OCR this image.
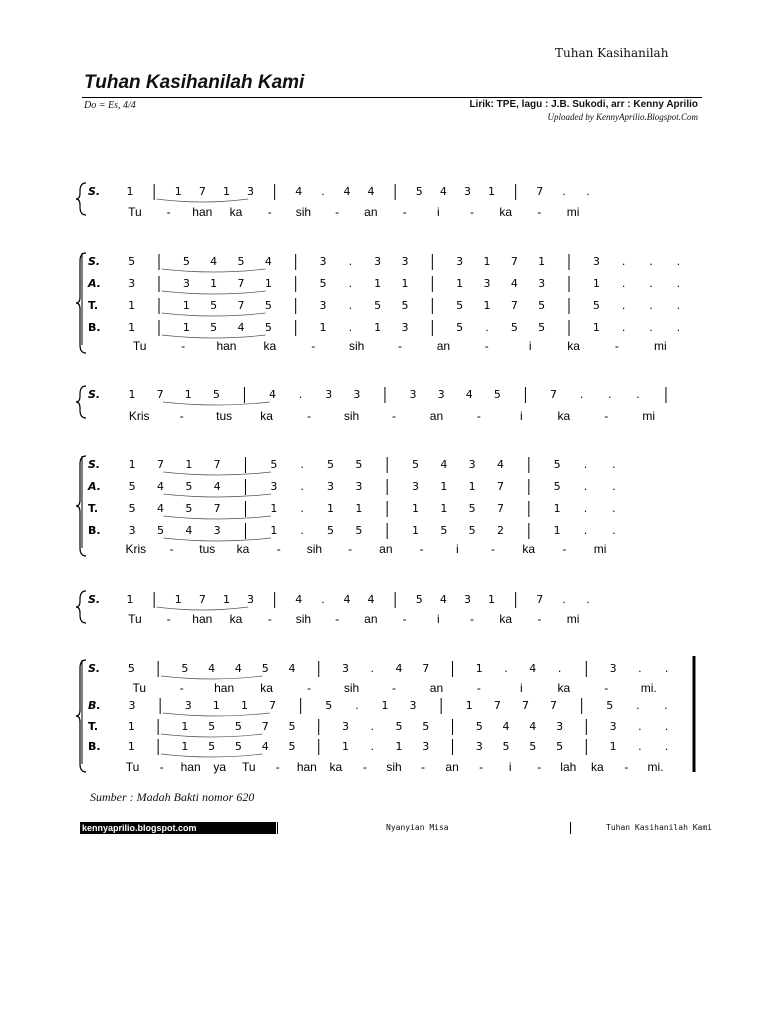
Tuhan Kasihanilah
Tuhan Kasihanilah Kami
Do = Es, 4/4	Lirik: TPE, lagu : J.B. Sukodi, arr : Kenny Aprilio
Uploaded by KennyAprilio.Blogspot.Com
S. 1	1 7 1 3	4 . 4 4	5 4 3 1	7 . .
Tu - han ka - sih - an -	i	- ka - mi
S.	5	5 4 5 4	3 . 3 3	3 1 7 1	3 . . .
A. 3	3 1 7 1	5 . 1 1	1 3 4 3	1 . . .
T.	1	1 5 7 5	3 . 5 5	5 1 7 5	5 . . .
B.	1	1 5 4 5	1 . 1 3	5 . 5 5	1 . . .
Tu	-	han ka	-	sih	-	an	-	i	ka	-	mi
S.	1 7 1 5	4 . 3 3	3 3 4 5	7 . . .
Kris	-	tus ka	-	sih	-	an	-	i	ka	-	mi
S.	1 7 1 7	5 . 5 5	5 4 3 4	5 . .
A.	5 4 5 4	3 . 3 3	3 1 1 7	5 . .
T.	5 4 5 7	1 . 1 1	1 1 5 7	1 . .
B.	3 5 4 3	1 . 5 5	1 5 5 2	1 . .
Kris - tus ka - sih - an -	i	- ka - mi
S. 1	1 7 1 3	4 . 4 4	5 4 3 1	7 . .
Tu - han ka - sih - an -	i	- ka - mi
S.	5	5 4 4 5 4	3 . 4 7	1 . 4 .	3 . .
B.	3	3 1 1 7	5 . 1 3	1 7 7 7	5 . .
T.	1	1 5 5 7 5	3 . 5 5	5 4 4 3	3 . .
B. 1	1 5 5 4 5	1 . 1 3	3 5 5 5	1 . .
Tu	-	han ka	-	sih	-	an	-	i	ka	-	mi.
Tu - han ya Tu - han ka - sih - an - i - lah ka - mi.
Sumber : Madah Bakti nomor 620
kennyaprilio.blogspot.com	Nyanyian Misa	Tuhan Kasihanilah Kami
